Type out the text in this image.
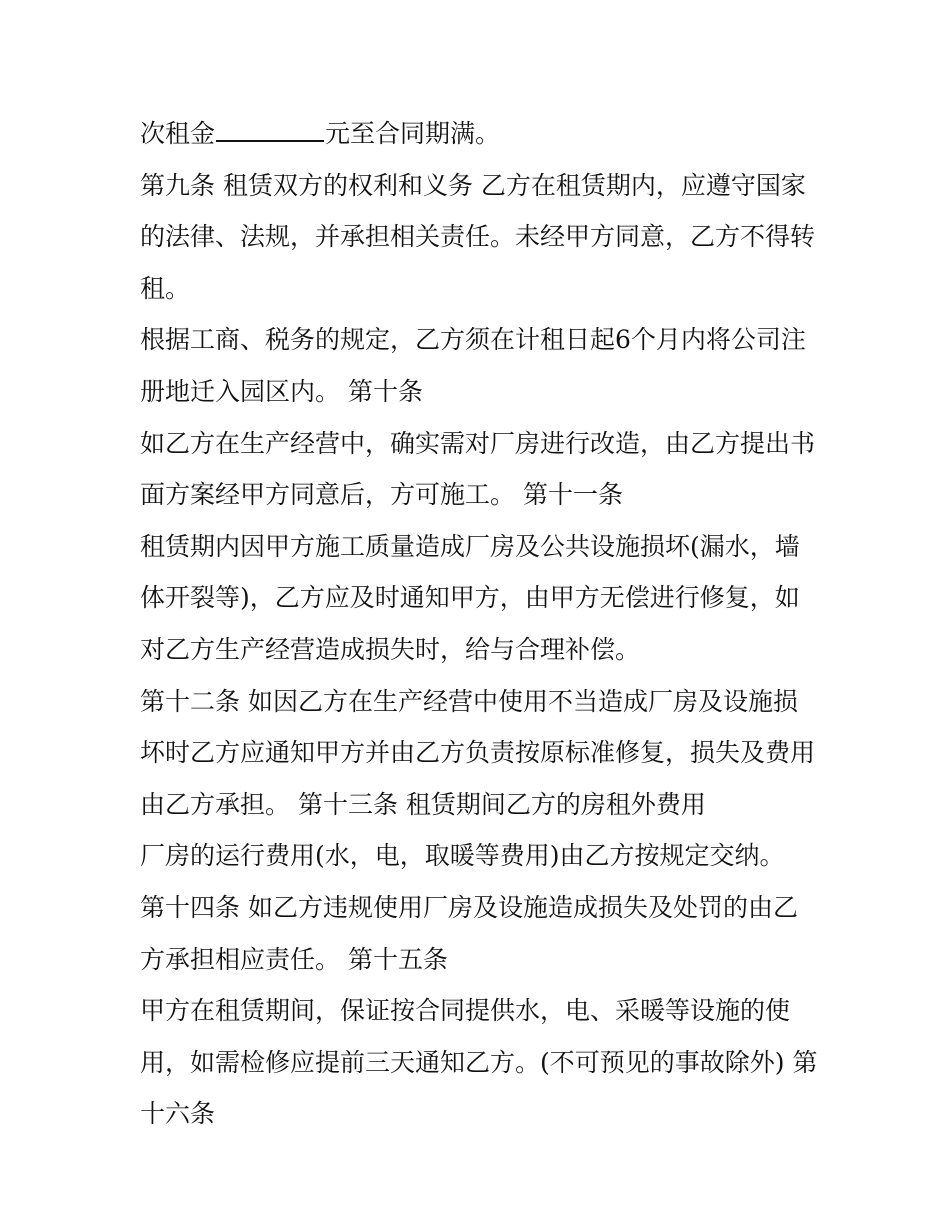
次租金	元至合同期满。
第九条 租赁双方的权利和义务 乙方在租赁期内，应遵守国家
的法律、法规，并承担相关责任。未经甲方同意，乙方不得转
租。
根据工商、税务的规定，乙方须在计租日起6个月内将公司注
册地迁入园区内。 第十条
如乙方在生产经营中，确实需对厂房进行改造，由乙方提出书
面方案经甲方同意后，方可施工。 第十一条
租赁期内因甲方施工质量造成厂房及公共设施损坏(漏水，墙
体开裂等)，乙方应及时通知甲方，由甲方无偿进行修复，如
对乙方生产经营造成损失时，给与合理补偿。
第十二条 如因乙方在生产经营中使用不当造成厂房及设施损
坏时乙方应通知甲方并由乙方负责按原标准修复，损失及费用
由乙方承担。 第十三条 租赁期间乙方的房租外费用
厂房的运行费用(水，电，取暖等费用)由乙方按规定交纳。
第十四条 如乙方违规使用厂房及设施造成损失及处罚的由乙
方承担相应责任。 第十五条
甲方在租赁期间，保证按合同提供水，电、采暖等设施的使
用，如需检修应提前三天通知乙方。(不可预见的事故除外) 第
十六条
